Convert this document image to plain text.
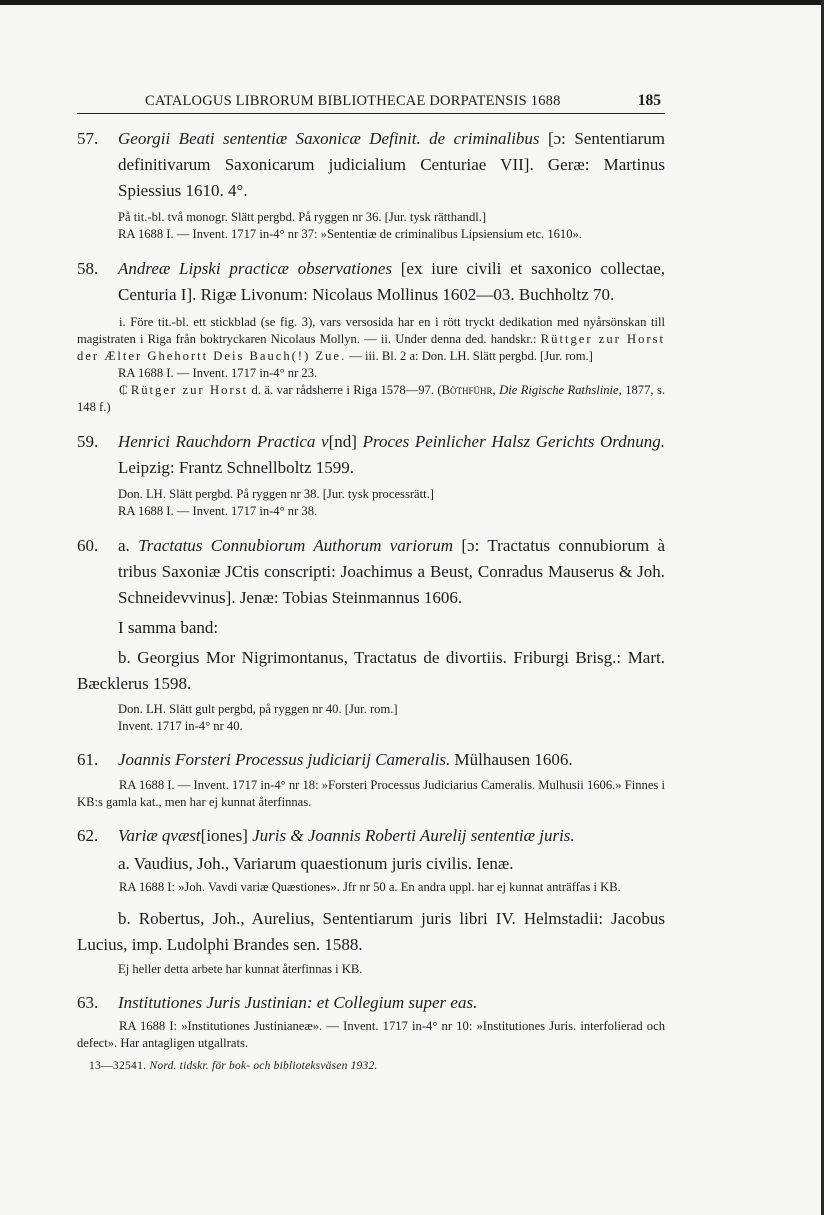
CATALOGUS LIBRORUM BIBLIOTHECAE DORPATENSIS 1688	185
57. Georgii Beati sententiæ Saxonicæ Definit. de criminalibus [ɔ: Sententiarum definitivarum Saxonicarum judicialium Centuriae VII]. Geræ: Martinus Spiessius 1610. 4°.
På tit.-bl. två monogr. Slätt pergbd. På ryggen nr 36. [Jur. tysk rätthandl.]
RA 1688 I. — Invent. 1717 in-4° nr 37: »Sententiæ de criminalibus Lipsiensium etc. 1610».
58. Andreæ Lipski practicæ observationes [ex iure civili et saxonico collectae, Centuria I]. Rigæ Livonum: Nicolaus Mollinus 1602—03. Buchholtz 70.
i. Före tit.-bl. ett stickblad (se fig. 3), vars versosida har en i rött tryckt dedikation med nyårsönskan till magistraten i Riga från boktryckaren Nicolaus Mollyn. — ii. Under denna ded. handskr.: Rüttger zur Horst der Ælter Ghehortt Deis Bauch(!) Zue. — iii. Bl. 2 a: Don. LH. Slätt pergbd. [Jur. rom.]
RA 1688 I. — Invent. 1717 in-4° nr 23.
₵ Rütger zur Horst d. ä. var rådsherre i Riga 1578—97. (Böthführ, Die Rigische Rathslinie, 1877, s. 148 f.)
59. Henrici Rauchdorn Practica v[nd] Proces Peinlicher Halsz Gerichts Ordnung. Leipzig: Frantz Schnellboltz 1599.
Don. LH. Slätt pergbd. På ryggen nr 38. [Jur. tysk processrätt.]
RA 1688 I. — Invent. 1717 in-4° nr 38.
60. a. Tractatus Connubiorum Authorum variorum [ɔ: Tractatus connubiorum à tribus Saxoniæ JCtis conscripti: Joachimus a Beust, Conradus Mauserus & Joh. Schneidevvinus]. Jenæ: Tobias Steinmannus 1606.
I samma band:
b. Georgius Mor Nigrimontanus, Tractatus de divortiis. Friburgi Brisg.: Mart. Bæcklerus 1598.
Don. LH. Slätt gult pergbd, på ryggen nr 40. [Jur. rom.]
Invent. 1717 in-4° nr 40.
61. Joannis Forsteri Processus judiciarij Cameralis. Mülhausen 1606.
RA 1688 I. — Invent. 1717 in-4° nr 18: »Forsteri Processus Judiciarius Cameralis. Mulhusii 1606.» Finnes i KB:s gamla kat., men har ej kunnat återfinnas.
62. Variæ qvæst[iones] Juris & Joannis Roberti Aurelij sententiæ juris.
a. Vaudius, Joh., Variarum quaestionum juris civilis. Ienæ.
RA 1688 I: »Joh. Vavdi variæ Quæstiones». Jfr nr 50 a. En andra uppl. har ej kunnat anträffas i KB.
b. Robertus, Joh., Aurelius, Sententiarum juris libri IV. Helmstadii: Jacobus Lucius, imp. Ludolphi Brandes sen. 1588.
Ej heller detta arbete har kunnat återfinnas i KB.
63. Institutiones Juris Justinian: et Collegium super eas.
RA 1688 I: »Institutiones Justinianeæ». — Invent. 1717 in-4° nr 10: »Institutiones Juris. interfolierad och defect». Har antagligen utgallrats.
13—32541. Nord. tidskr. för bok- och biblioteksväsen 1932.
